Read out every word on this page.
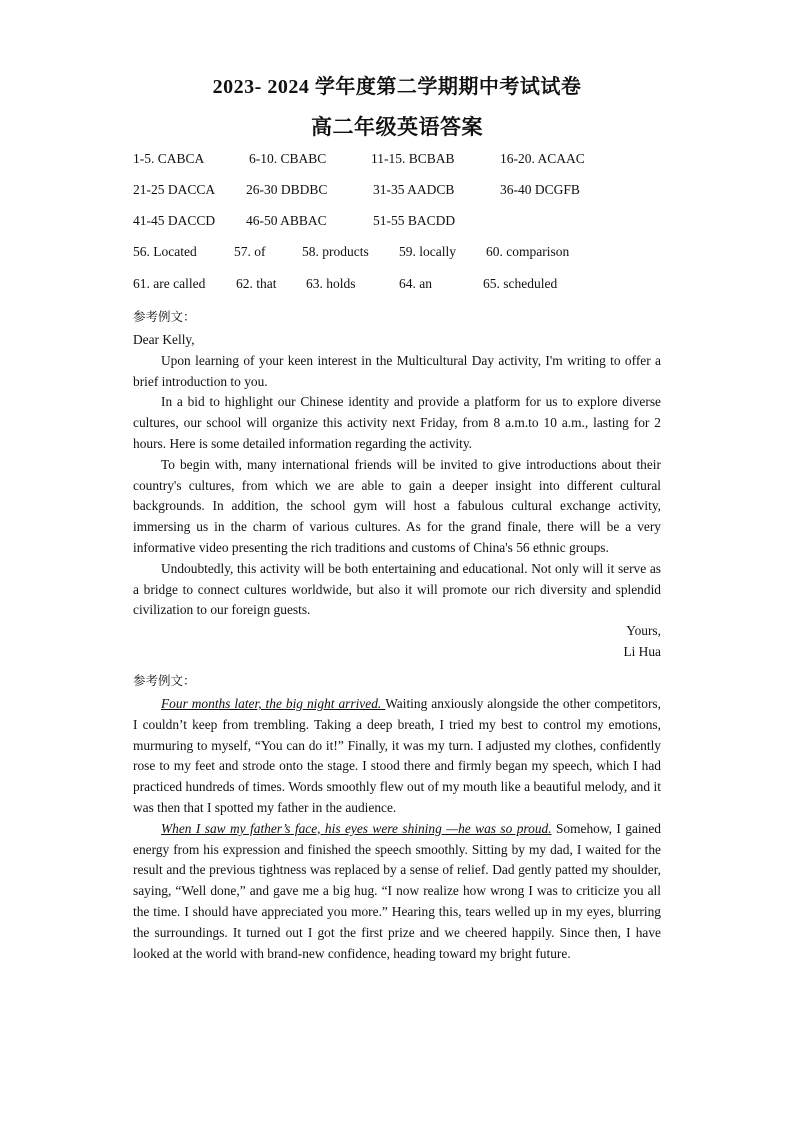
2023- 2024 学年度第二学期期中考试试卷
高二年级英语答案
1-5. CABCA	6-10. CBABC	11-15. BCBAB	16-20. ACAAC
21-25 DACCA 26-30 DBDBC	31-35 AADCB	36-40 DCGFB
41-45 DACCD 46-50 ABBAC	51-55 BACDD
56. Located	57. of	58. products 59. locally 60. comparison
61. are called 62. that 63. holds	64. an	65. scheduled
参考例文：

Dear Kelly,

Upon learning of your keen interest in the Multicultural Day activity, I'm writing to offer a brief introduction to you.

In a bid to highlight our Chinese identity and provide a platform for us to explore diverse cultures, our school will organize this activity next Friday, from 8 a.m.to 10 a.m., lasting for 2 hours. Here is some detailed information regarding the activity.

To begin with, many international friends will be invited to give introductions about their country's cultures, from which we are able to gain a deeper insight into different cultural backgrounds. In addition, the school gym will host a fabulous cultural exchange activity, immersing us in the charm of various cultures. As for the grand finale, there will be a very informative video presenting the rich traditions and customs of China's 56 ethnic groups.

Undoubtedly, this activity will be both entertaining and educational. Not only will it serve as a bridge to connect cultures worldwide, but also it will promote our rich diversity and splendid civilization to our foreign guests.

Yours,

Li Hua

参考例文：

Four months later, the big night arrived. Waiting anxiously alongside the other competitors, I couldn’t keep from trembling. Taking a deep breath, I tried my best to control my emotions, murmuring to myself, “You can do it!” Finally, it was my turn. I adjusted my clothes, confidently rose to my feet and strode onto the stage. I stood there and firmly began my speech, which I had practiced hundreds of times. Words smoothly flew out of my mouth like a beautiful melody, and it was then that I spotted my father in the audience.

When I saw my father’s face, his eyes were shining —he was so proud. Somehow, I gained energy from his expression and finished the speech smoothly. Sitting by my dad, I waited for the result and the previous tightness was replaced by a sense of relief. Dad gently patted my shoulder, saying, “Well done,” and gave me a big hug. “I now realize how wrong I was to criticize you all the time. I should have appreciated you more.” Hearing this, tears welled up in my eyes, blurring the surroundings. It turned out I got the first prize and we cheered happily. Since then, I have looked at the world with brand-new confidence, heading toward my bright future.
